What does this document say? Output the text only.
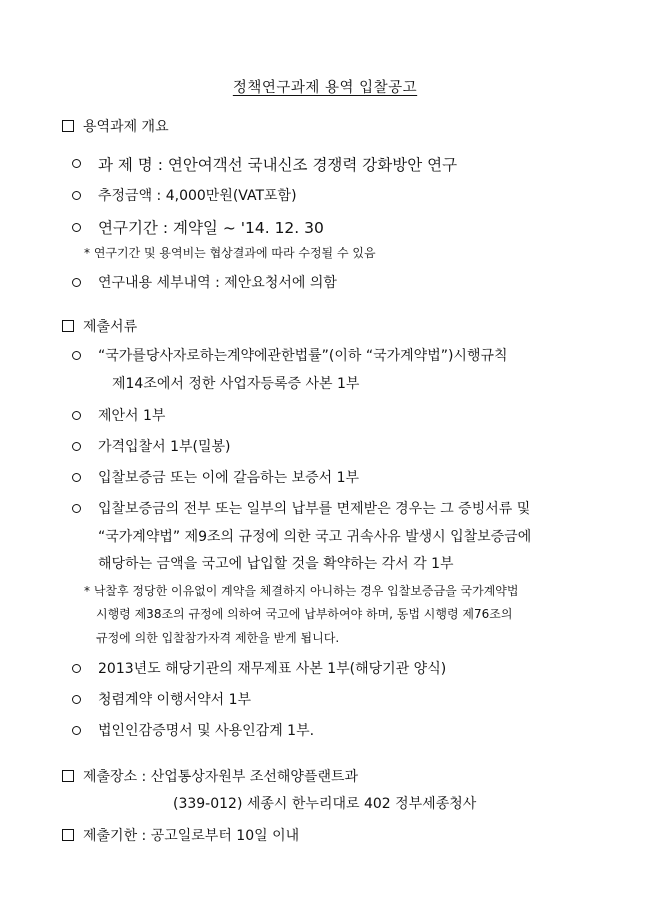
정책연구과제 용역 입찰공고
용역과제 개요
과 제 명 : 연안여객선 국내신조 경쟁력 강화방안 연구
추정금액 : 4,000만원(VAT포함)
연구기간 : 계약일 ~ '14. 12. 30
* 연구기간 및 용역비는 협상결과에 따라 수정될 수 있음
연구내용 세부내역 : 제안요청서에 의함
제출서류
“국가를당사자로하는계약에관한법률”(이하 “국가계약법”)시행규칙
제14조에서 정한 사업자등록증 사본 1부
제안서 1부
가격입찰서 1부(밀봉)
입찰보증금 또는 이에 갈음하는 보증서 1부
입찰보증금의 전부 또는 일부의 납부를 면제받은 경우는 그 증빙서류 및
“국가계약법” 제9조의 규정에 의한 국고 귀속사유 발생시 입찰보증금에
해당하는 금액을 국고에 납입할 것을 확약하는 각서 각 1부
* 낙찰후 정당한 이유없이 계약을 체결하지 아니하는 경우 입찰보증금을 국가계약법
시행령 제38조의 규정에 의하여 국고에 납부하여야 하며, 동법 시행령 제76조의
규정에 의한 입찰참가자격 제한을 받게 됩니다.
2013년도 해당기관의 재무제표 사본 1부(해당기관 양식)
청렴계약 이행서약서 1부
법인인감증명서 및 사용인감계 1부.
제출장소 : 산업통상자원부 조선해양플랜트과
(339-012) 세종시 한누리대로 402 정부세종청사
제출기한 : 공고일로부터 10일 이내
